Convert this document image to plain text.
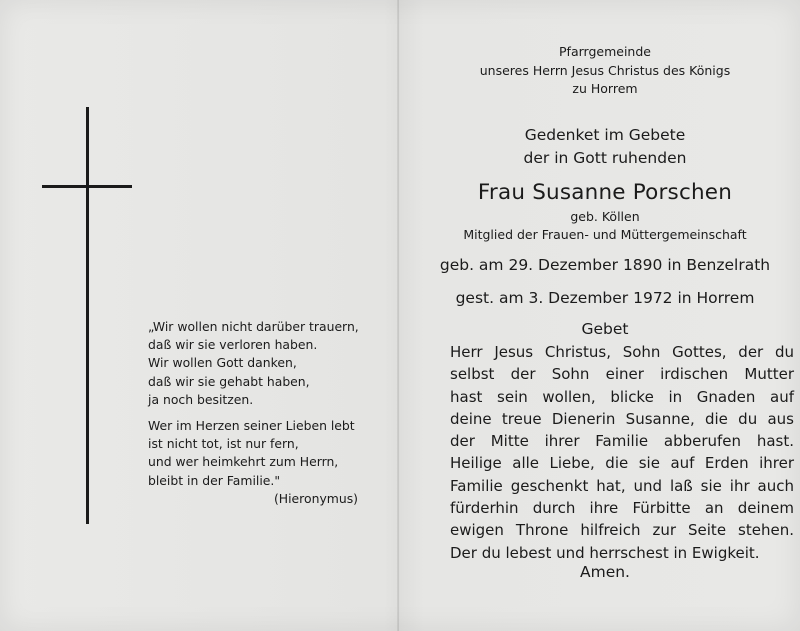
„Wir wollen nicht darüber trauern,
daß wir sie verloren haben.
Wir wollen Gott danken,
daß wir sie gehabt haben,
ja noch besitzen.
Wer im Herzen seiner Lieben lebt
ist nicht tot, ist nur fern,
und wer heimkehrt zum Herrn,
bleibt in der Familie."
(Hieronymus)
Pfarrgemeinde
unseres Herrn Jesus Christus des Königs
zu Horrem
Gedenket im Gebete
der in Gott ruhenden
Frau Susanne Porschen
geb. Köllen
Mitglied der Frauen- und Müttergemeinschaft
geb. am 29. Dezember 1890 in Benzelrath
gest. am 3. Dezember 1972 in Horrem
Gebet
Herr Jesus Christus, Sohn Gottes, der du
selbst der Sohn einer irdischen Mutter
hast sein wollen, blicke in Gnaden auf
deine treue Dienerin Susanne, die du aus
der Mitte ihrer Familie abberufen hast.
Heilige alle Liebe, die sie auf Erden ihrer
Familie geschenkt hat, und laß sie ihr auch
fürderhin durch ihre Fürbitte an deinem
ewigen Throne hilfreich zur Seite stehen.
Der du lebest und herrschest in Ewigkeit.
Amen.
